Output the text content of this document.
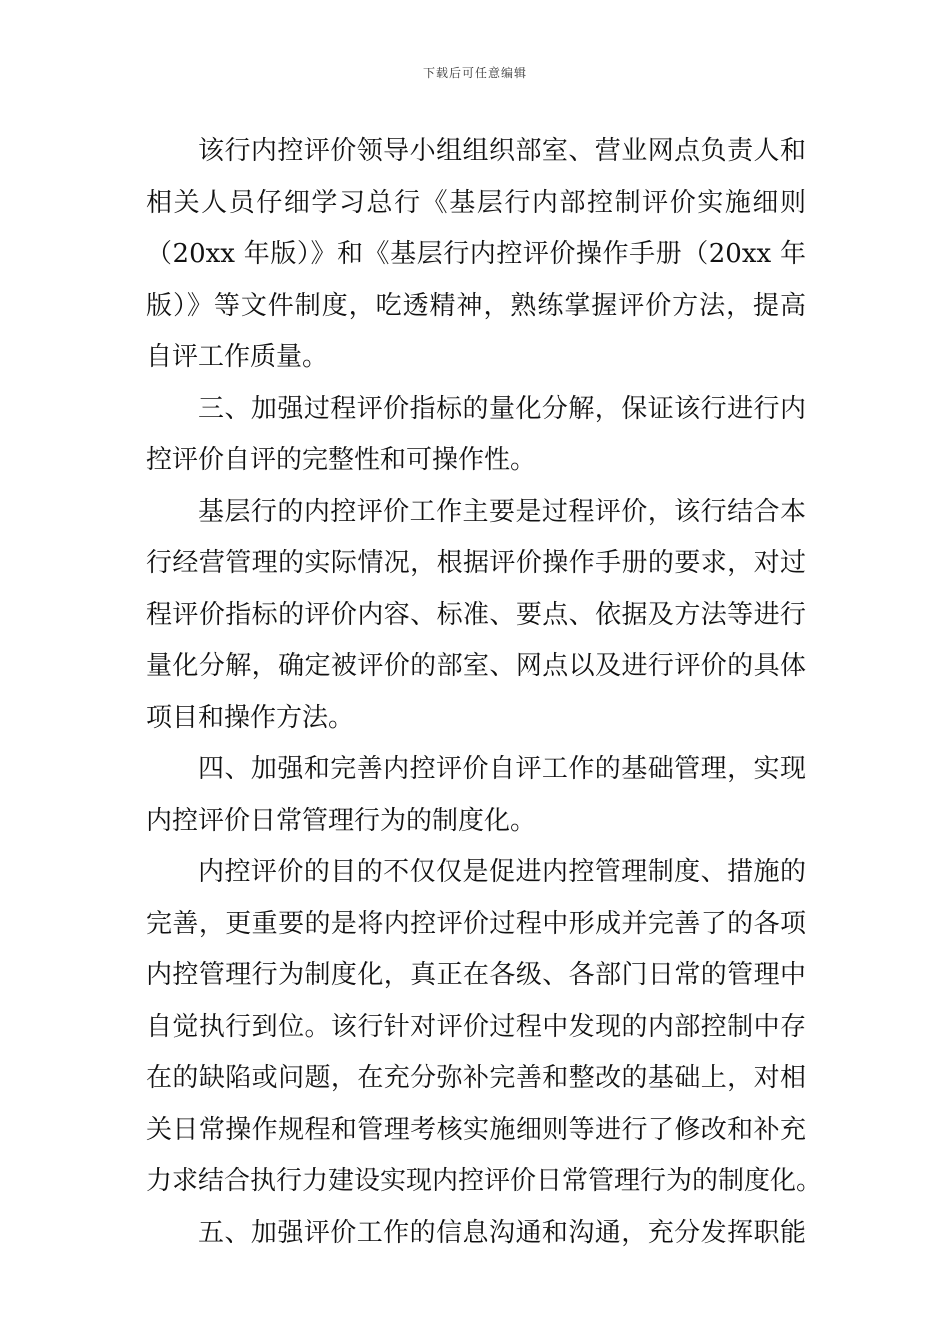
下载后可任意编辑
该行内控评价领导小组组织部室、营业网点负责人和
相关人员仔细学习总行《基层行内部控制评价实施细则
（20xx 年版）》和《基层行内控评价操作手册（20xx 年
版）》等文件制度，吃透精神，熟练掌握评价方法，提高
自评工作质量。
三、加强过程评价指标的量化分解，保证该行进行内
控评价自评的完整性和可操作性。
基层行的内控评价工作主要是过程评价，该行结合本
行经营管理的实际情况，根据评价操作手册的要求，对过
程评价指标的评价内容、标准、要点、依据及方法等进行
量化分解，确定被评价的部室、网点以及进行评价的具体
项目和操作方法。
四、加强和完善内控评价自评工作的基础管理，实现
内控评价日常管理行为的制度化。
内控评价的目的不仅仅是促进内控管理制度、措施的
完善，更重要的是将内控评价过程中形成并完善了的各项
内控管理行为制度化，真正在各级、各部门日常的管理中
自觉执行到位。该行针对评价过程中发现的内部控制中存
在的缺陷或问题，在充分弥补完善和整改的基础上，对相
关日常操作规程和管理考核实施细则等进行了修改和补充
力求结合执行力建设实现内控评价日常管理行为的制度化。
五、加强评价工作的信息沟通和沟通，充分发挥职能
